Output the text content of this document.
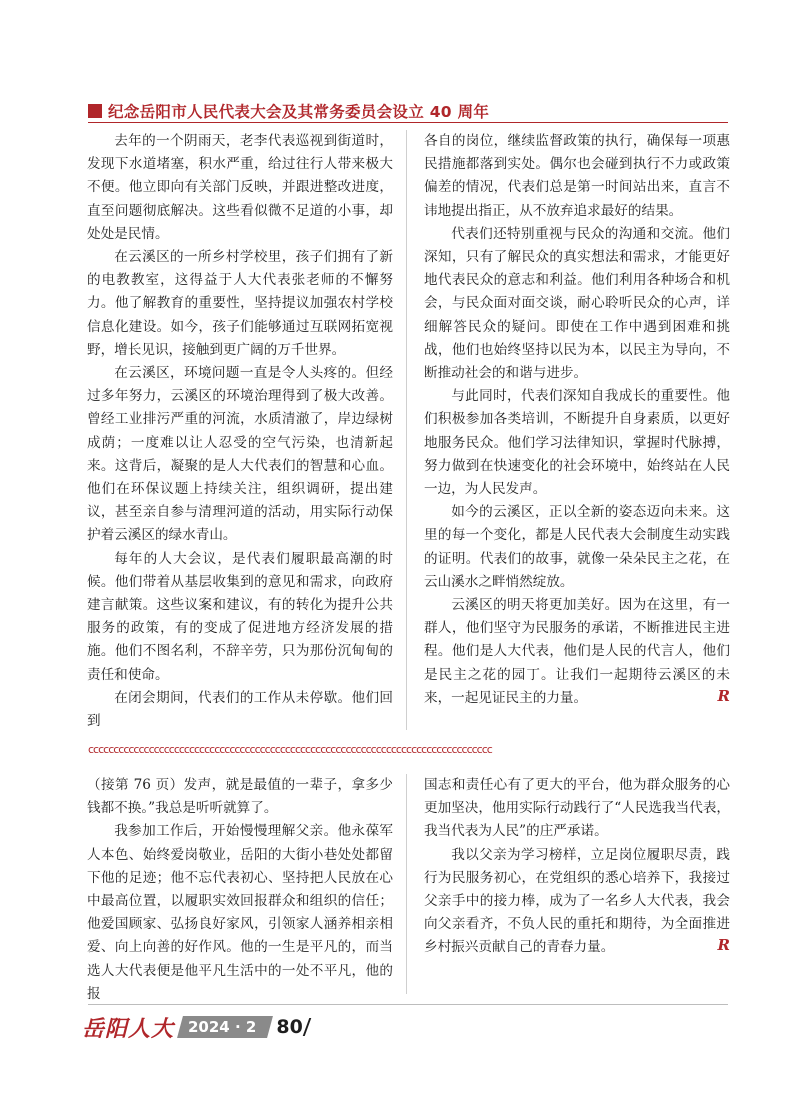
纪念岳阳市人民代表大会及其常务委员会设立 40 周年

去年的一个阴雨天，老李代表巡视到街道时，发现下水道堵塞，积水严重，给过往行人带来极大不便。他立即向有关部门反映，并跟进整改进度，直至问题彻底解决。这些看似微不足道的小事，却处处是民情。

在云溪区的一所乡村学校里，孩子们拥有了新的电教教室，这得益于人大代表张老师的不懈努力。他了解教育的重要性，坚持提议加强农村学校信息化建设。如今，孩子们能够通过互联网拓宽视野，增长见识，接触到更广阔的万千世界。

在云溪区，环境问题一直是令人头疼的。但经过多年努力，云溪区的环境治理得到了极大改善。曾经工业排污严重的河流，水质清澈了，岸边绿树成荫；一度难以让人忍受的空气污染，也清新起来。这背后，凝聚的是人大代表们的智慧和心血。他们在环保议题上持续关注，组织调研，提出建议，甚至亲自参与清理河道的活动，用实际行动保护着云溪区的绿水青山。

每年的人大会议，是代表们履职最高潮的时候。他们带着从基层收集到的意见和需求，向政府建言献策。这些议案和建议，有的转化为提升公共服务的政策，有的变成了促进地方经济发展的措施。他们不图名利，不辞辛劳，只为那份沉甸甸的责任和使命。

在闭会期间，代表们的工作从未停歇。他们回到

各自的岗位，继续监督政策的执行，确保每一项惠民措施都落到实处。偶尔也会碰到执行不力或政策偏差的情况，代表们总是第一时间站出来，直言不讳地提出指正，从不放弃追求最好的结果。

代表们还特别重视与民众的沟通和交流。他们深知，只有了解民众的真实想法和需求，才能更好地代表民众的意志和利益。他们利用各种场合和机会，与民众面对面交谈，耐心聆听民众的心声，详细解答民众的疑问。即使在工作中遇到困难和挑战，他们也始终坚持以民为本，以民主为导向，不断推动社会的和谐与进步。

与此同时，代表们深知自我成长的重要性。他们积极参加各类培训，不断提升自身素质，以更好地服务民众。他们学习法律知识，掌握时代脉搏，努力做到在快速变化的社会环境中，始终站在人民一边，为人民发声。

如今的云溪区，正以全新的姿态迈向未来。这里的每一个变化，都是人民代表大会制度生动实践的证明。代表们的故事，就像一朵朵民主之花，在云山溪水之畔悄然绽放。

云溪区的明天将更加美好。因为在这里，有一群人，他们坚守为民服务的承诺，不断推进民主进程。他们是人大代表，他们是人民的代言人，他们是民主之花的园丁。让我们一起期待云溪区的未来，一起见证民主的力量。	R

ⅽⅽⅽⅽⅽⅽⅽⅽⅽⅽⅽⅽⅽⅽⅽⅽⅽⅽⅽⅽⅽⅽⅽⅽⅽⅽⅽⅽⅽⅽⅽⅽⅽⅽⅽⅽⅽⅽⅽⅽⅽⅽⅽⅽⅽⅽⅽⅽⅽⅽⅽⅽⅽⅽⅽⅽⅽⅽⅽⅽⅽⅽⅽⅽⅽⅽⅽⅽⅽⅽⅽⅽⅽⅽⅽⅽⅽⅽⅽⅽ

（接第 76 页）发声，就是最值的一辈子，拿多少钱都不换。”我总是听听就算了。

我参加工作后，开始慢慢理解父亲。他永葆军人本色、始终爱岗敬业，岳阳的大街小巷处处都留下他的足迹；他不忘代表初心、坚持把人民放在心中最高位置，以履职实效回报群众和组织的信任；他爱国顾家、弘扬良好家风，引领家人涵养相亲相爱、向上向善的好作风。他的一生是平凡的，而当选人大代表便是他平凡生活中的一处不平凡，他的报

国志和责任心有了更大的平台，他为群众服务的心更加坚决，他用实际行动践行了“人民选我当代表，我当代表为人民”的庄严承诺。

我以父亲为学习榜样，立足岗位履职尽责，践行为民服务初心，在党组织的悉心培养下，我接过父亲手中的接力棒，成为了一名乡人大代表，我会向父亲看齐，不负人民的重托和期待，为全面推进乡村振兴贡献自己的青春力量。	R

岳阳人大 2024 · 2	80
